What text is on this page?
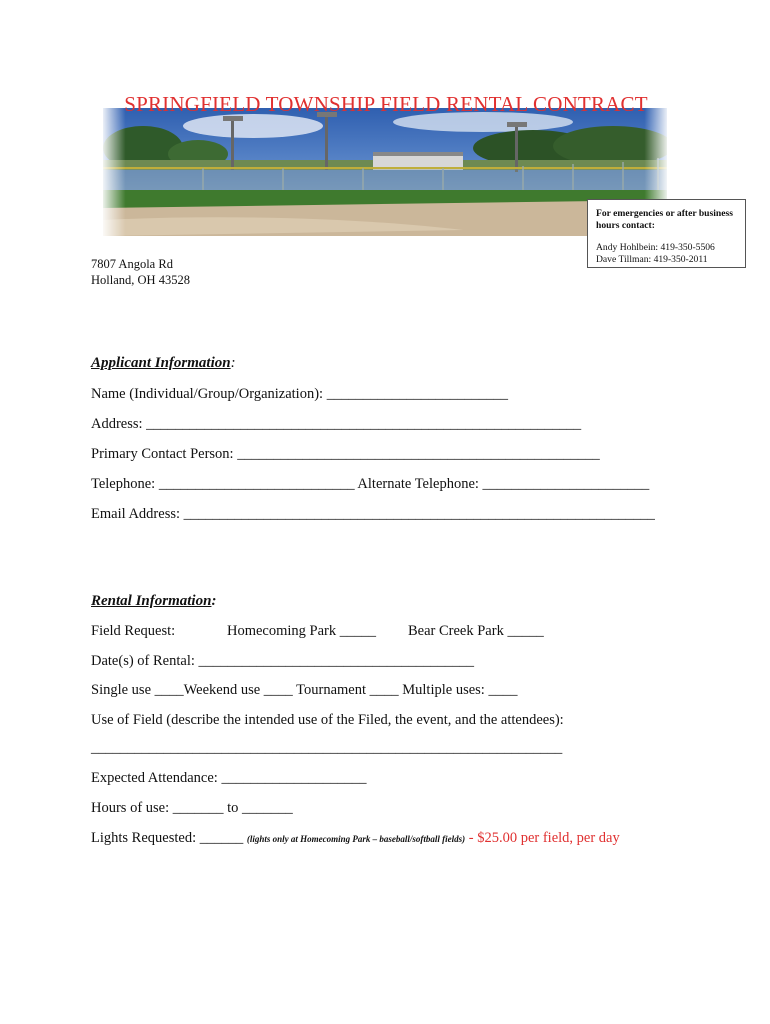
SPRINGFIELD TOWNSHIP FIELD RENTAL CONTRACT
For emergencies or after business hours contact:
Andy Hohlbein: 419-350-5506
Dave Tillman: 419-350-2011
7807 Angola Rd
Holland, OH 43528
Applicant Information:
Name (Individual/Group/Organization): _________________________
Address: ____________________________________________________________
Primary Contact Person: __________________________________________________
Telephone: ___________________________ Alternate Telephone: _______________________
Email Address: _________________________________________________________________
Rental Information:
Field Request:	Homecoming Park _____ Bear Creek Park _____
Date(s) of Rental: ______________________________________
Single use ____Weekend use ____ Tournament ____ Multiple uses: ____
Use of Field (describe the intended use of the Filed, the event, and the attendees):
_________________________________________________________________
Expected Attendance: ____________________
Hours of use: _______ to _______
Lights Requested: ______ (lights only at Homecoming Park – baseball/softball fields) - $25.00 per field, per day
